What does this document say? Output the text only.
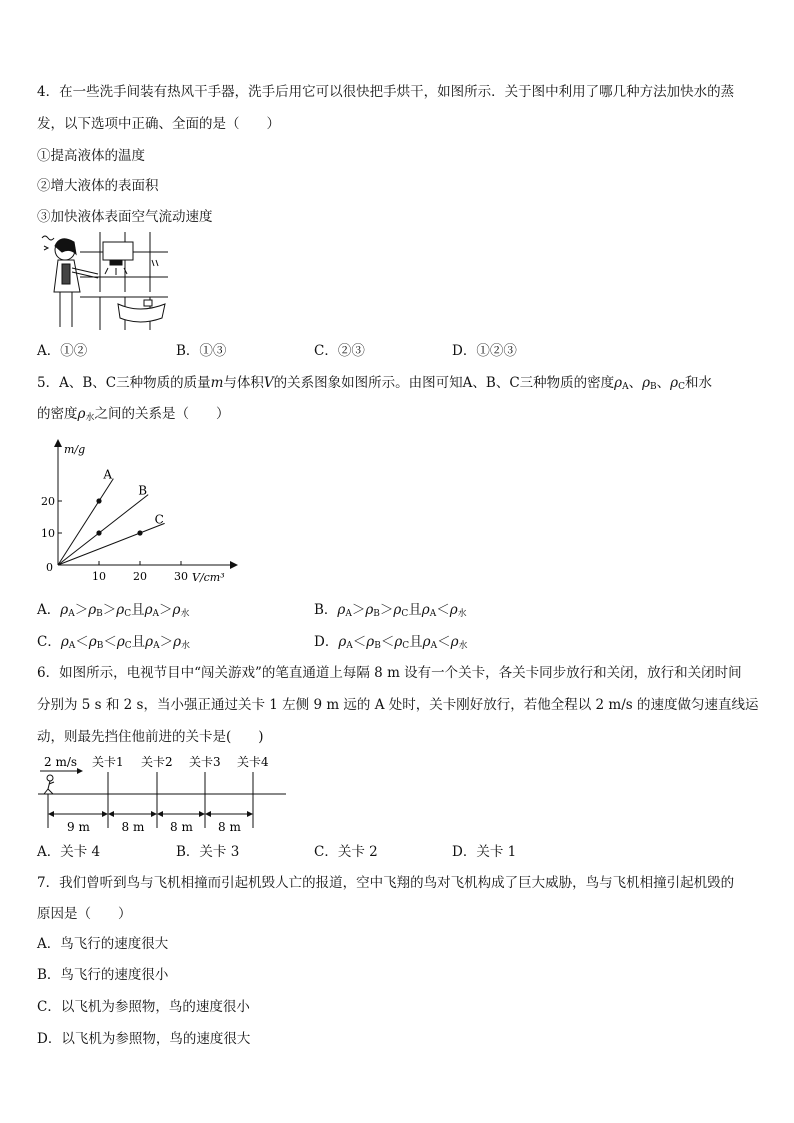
4．在一些洗手间装有热风干手器，洗手后用它可以很快把手烘干，如图所示．关于图中利用了哪几种方法加快水的蒸
发，以下选项中正确、全面的是（　　）
①提高液体的温度
②增大液体的表面积
③加快液体表面空气流动速度
A．①②	B．①③	C．②③	D．①②③
5．A、B、C三种物质的质量m与体积V的关系图象如图所示。由图可知A、B、C三种物质的密度$\rho_A$、$\rho_B$、$\rho_C$和水
的密度$\rho_水$之间的关系是（　　）
m/g
V/cm³
0
10 20 30
10
20
A
B
C
A．$\rho_A>\rho_B>\rho_C$且$\rho_A>\rho_水$	B．$\rho_A>\rho_B>\rho_C$且$\rho_A<\rho_水$
C．$\rho_A<\rho_B<\rho_C$且$\rho_A>\rho_水$	D．$\rho_A<\rho_B<\rho_C$且$\rho_A<\rho_水$
6．如图所示，电视节目中“闯关游戏”的笔直通道上每隔 8 m 设有一个关卡，各关卡同步放行和关闭，放行和关闭时间
分别为 5 s 和 2 s，当小强正通过关卡 1 左侧 9 m 远的 A 处时，关卡刚好放行，若他全程以 2 m/s 的速度做匀速直线运
动，则最先挡住他前进的关卡是(　　)
2 m/s 关卡1 关卡2 关卡3 关卡4
9 m	8 m 8 m 8 m
A．关卡 4	B．关卡 3	C．关卡 2	D．关卡 1
7．我们曾听到鸟与飞机相撞而引起机毁人亡的报道，空中飞翔的鸟对飞机构成了巨大威胁，鸟与飞机相撞引起机毁的
原因是（　　）
A．鸟飞行的速度很大
B．鸟飞行的速度很小
C．以飞机为参照物，鸟的速度很小
D．以飞机为参照物，鸟的速度很大
